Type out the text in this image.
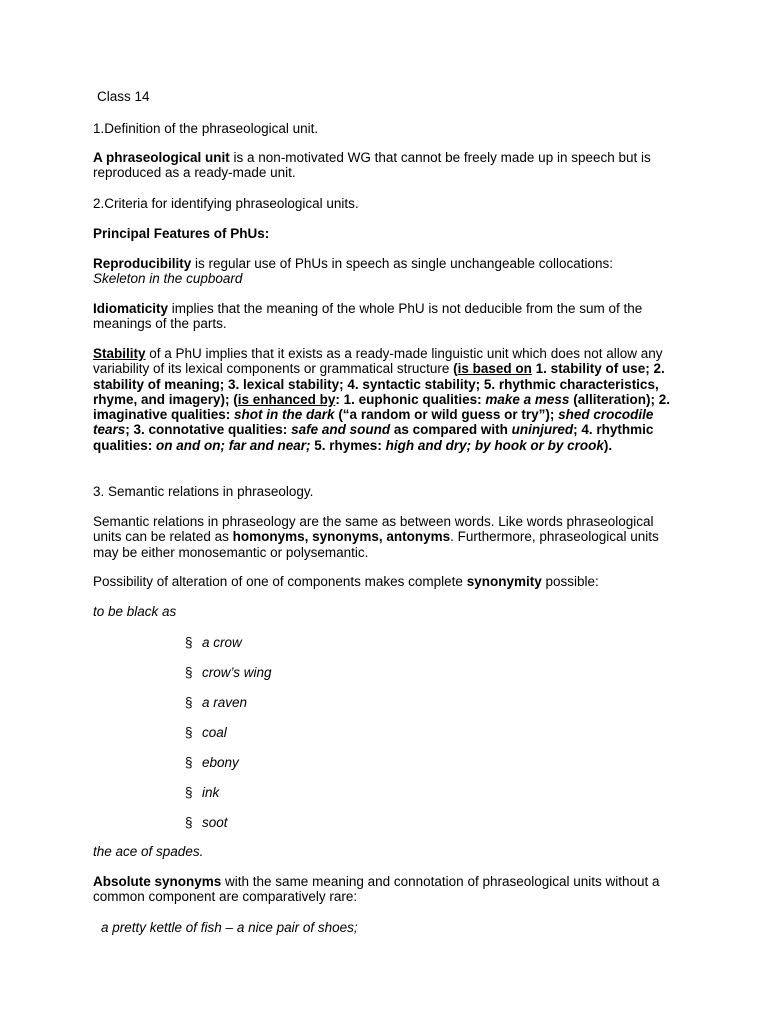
Class 14
1.Definition of the phraseological unit.
A phraseological unit is a non-motivated WG that cannot be freely made up in speech but is reproduced as a ready-made unit.
2.Criteria for identifying phraseological units.
Principal Features of PhUs:
Reproducibility is regular use of PhUs in speech as single unchangeable collocations:
Skeleton in the cupboard
Idiomaticity implies that the meaning of the whole PhU is not deducible from the sum of the meanings of the parts.
Stability of a PhU implies that it exists as a ready-made linguistic unit which does not allow any variability of its lexical components or grammatical structure (is based on 1. stability of use; 2. stability of meaning; 3. lexical stability; 4. syntactic stability; 5. rhythmic characteristics, rhyme, and imagery); (is enhanced by: 1. euphonic qualities: make a mess (alliteration); 2. imaginative qualities: shot in the dark (“a random or wild guess or try”); shed crocodile tears; 3. connotative qualities: safe and sound as compared with uninjured; 4. rhythmic qualities: on and on; far and near; 5. rhymes: high and dry; by hook or by crook).
3. Semantic relations in phraseology.
Semantic relations in phraseology are the same as between words. Like words phraseological units can be related as homonyms, synonyms, antonyms. Furthermore, phraseological units may be either monosemantic or polysemantic.
Possibility of alteration of one of components makes complete synonymity possible:
to be black as
§ a crow
§ crow’s wing
§ a raven
§ coal
§ ebony
§ ink
§ soot
the ace of spades.
Absolute synonyms with the same meaning and connotation of phraseological units without a common component are comparatively rare:
a pretty kettle of fish – a nice pair of shoes;
